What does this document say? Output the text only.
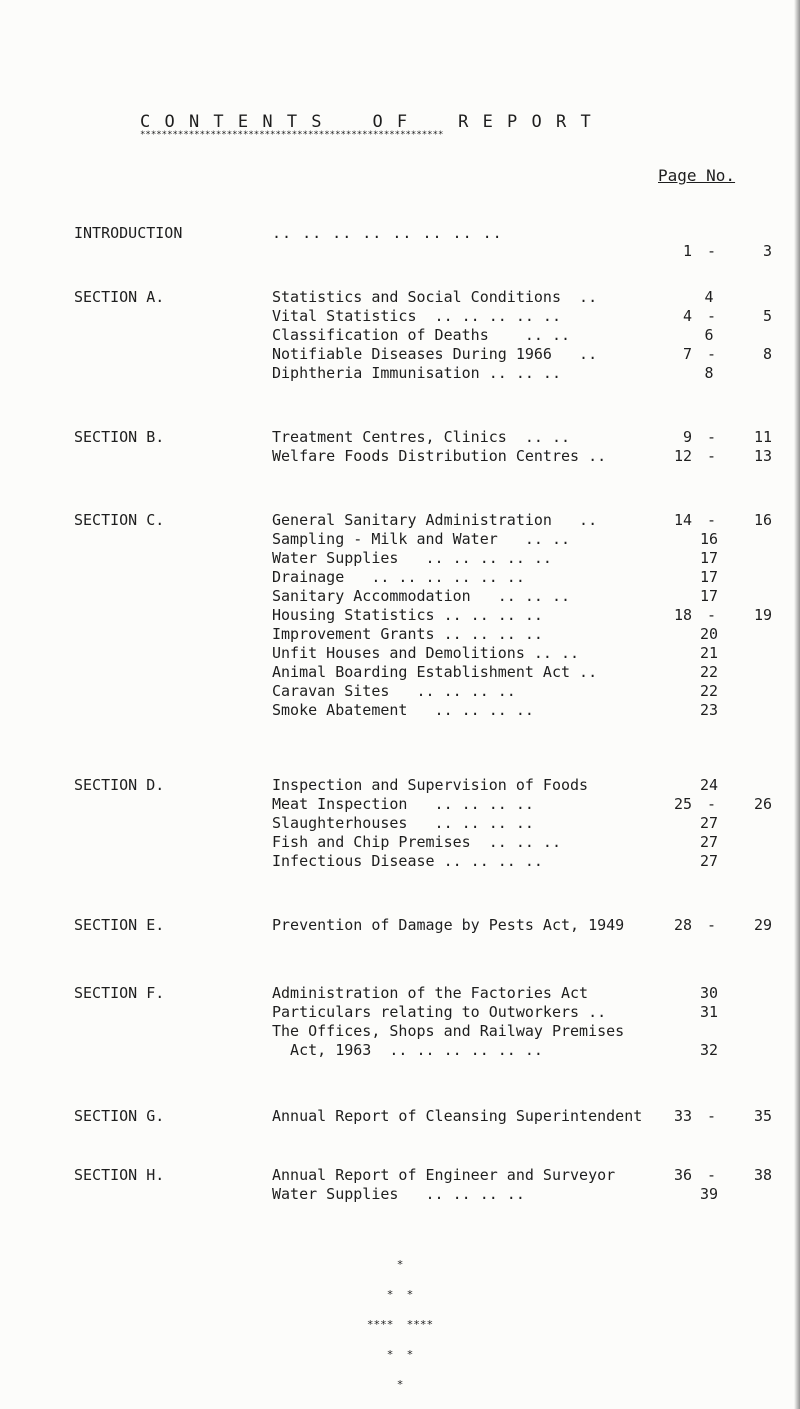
C O N T E N T S    O F    R E P O R T
********************************************************
Page No.
INTRODUCTION	.. .. .. .. .. .. .. ..

1 -	3

SECTION A.	Statistics and Social Conditions  ..	4
Vital Statistics  .. .. .. .. ..	4 -	5
Classification of Deaths    .. ..	6
Notifiable Diseases During 1966   ..	7 -	8
Diphtheria Immunisation .. .. ..	8
SECTION B.	Treatment Centres, Clinics  .. ..	9 -	11
Welfare Foods Distribution Centres ..	12 -	13
SECTION C.	General Sanitary Administration   ..	14 -	16
Sampling - Milk and Water   .. ..	16
Water Supplies   .. .. .. .. ..	17
Drainage   .. .. .. .. .. ..	17
Sanitary Accommodation   .. .. ..	17
Housing Statistics .. .. .. ..	18 -	19
Improvement Grants .. .. .. ..	20
Unfit Houses and Demolitions .. ..	21
Animal Boarding Establishment Act ..	22
Caravan Sites   .. .. .. ..	22
Smoke Abatement   .. .. .. ..	23
SECTION D.	Inspection and Supervision of Foods	24
Meat Inspection   .. .. .. ..	25 -	26
Slaughterhouses   .. .. .. ..	27
Fish and Chip Premises  .. .. ..	27
Infectious Disease .. .. .. ..	27
SECTION E.	Prevention of Damage by Pests Act, 1949	28 -	29
SECTION F.	Administration of the Factories Act	30
Particulars relating to Outworkers ..	31
The Offices, Shops and Railway Premises
Act, 1963  .. .. .. .. .. ..	32
SECTION G.	Annual Report of Cleansing Superintendent 33 -	35
SECTION H.	Annual Report of Engineer and Surveyor	36 -	38
Water Supplies   .. .. .. ..	39

*

*  *

****  ****

*  *

*
